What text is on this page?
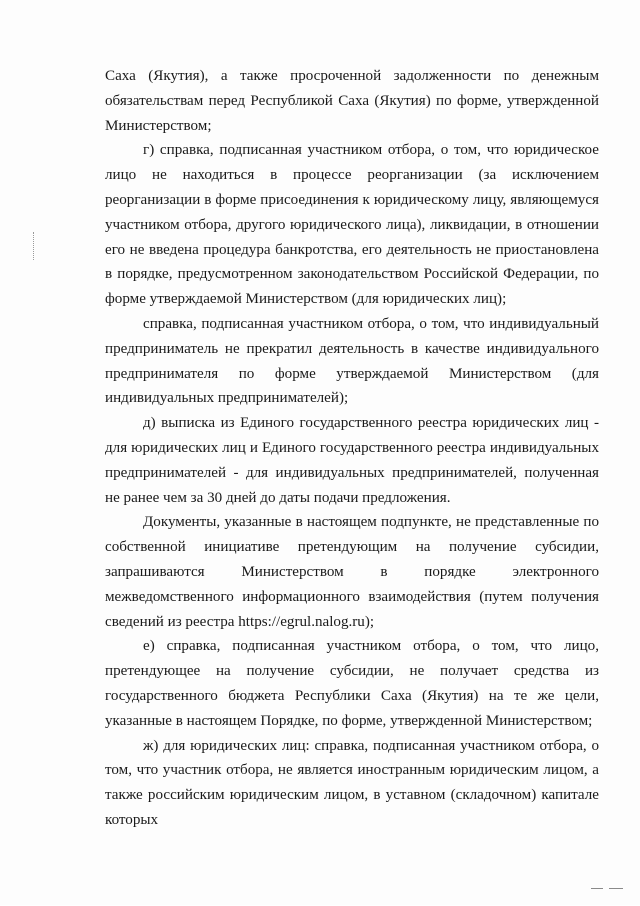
Саха (Якутия), а также просроченной задолженности по денежным обязательствам перед Республикой Саха (Якутия) по форме, утвержденной Министерством;

г) справка, подписанная участником отбора, о том, что юридическое лицо не находиться в процессе реорганизации (за исключением реорганизации в форме присоединения к юридическому лицу, являющемуся участником отбора, другого юридического лица), ликвидации, в отношении его не введена процедура банкротства, его деятельность не приостановлена в порядке, предусмотренном законодательством Российской Федерации, по форме утверждаемой Министерством (для юридических лиц);

справка, подписанная участником отбора, о том, что индивидуальный предприниматель не прекратил деятельность в качестве индивидуального предпринимателя по форме утверждаемой Министерством (для индивидуальных предпринимателей);

д) выписка из Единого государственного реестра юридических лиц - для юридических лиц и Единого государственного реестра индивидуальных предпринимателей - для индивидуальных предпринимателей, полученная не ранее чем за 30 дней до даты подачи предложения.

Документы, указанные в настоящем подпункте, не представленные по собственной инициативе претендующим на получение субсидии, запрашиваются Министерством в порядке электронного межведомственного информационного взаимодействия (путем получения сведений из реестра https://egrul.nalog.ru);

е) справка, подписанная участником отбора, о том, что лицо, претендующее на получение субсидии, не получает средства из государственного бюджета Республики Саха (Якутия) на те же цели, указанные в настоящем Порядке, по форме, утвержденной Министерством;

ж) для юридических лиц: справка, подписанная участником отбора, о том, что участник отбора, не является иностранным юридическим лицом, а также российским юридическим лицом, в уставном (складочном) капитале которых
